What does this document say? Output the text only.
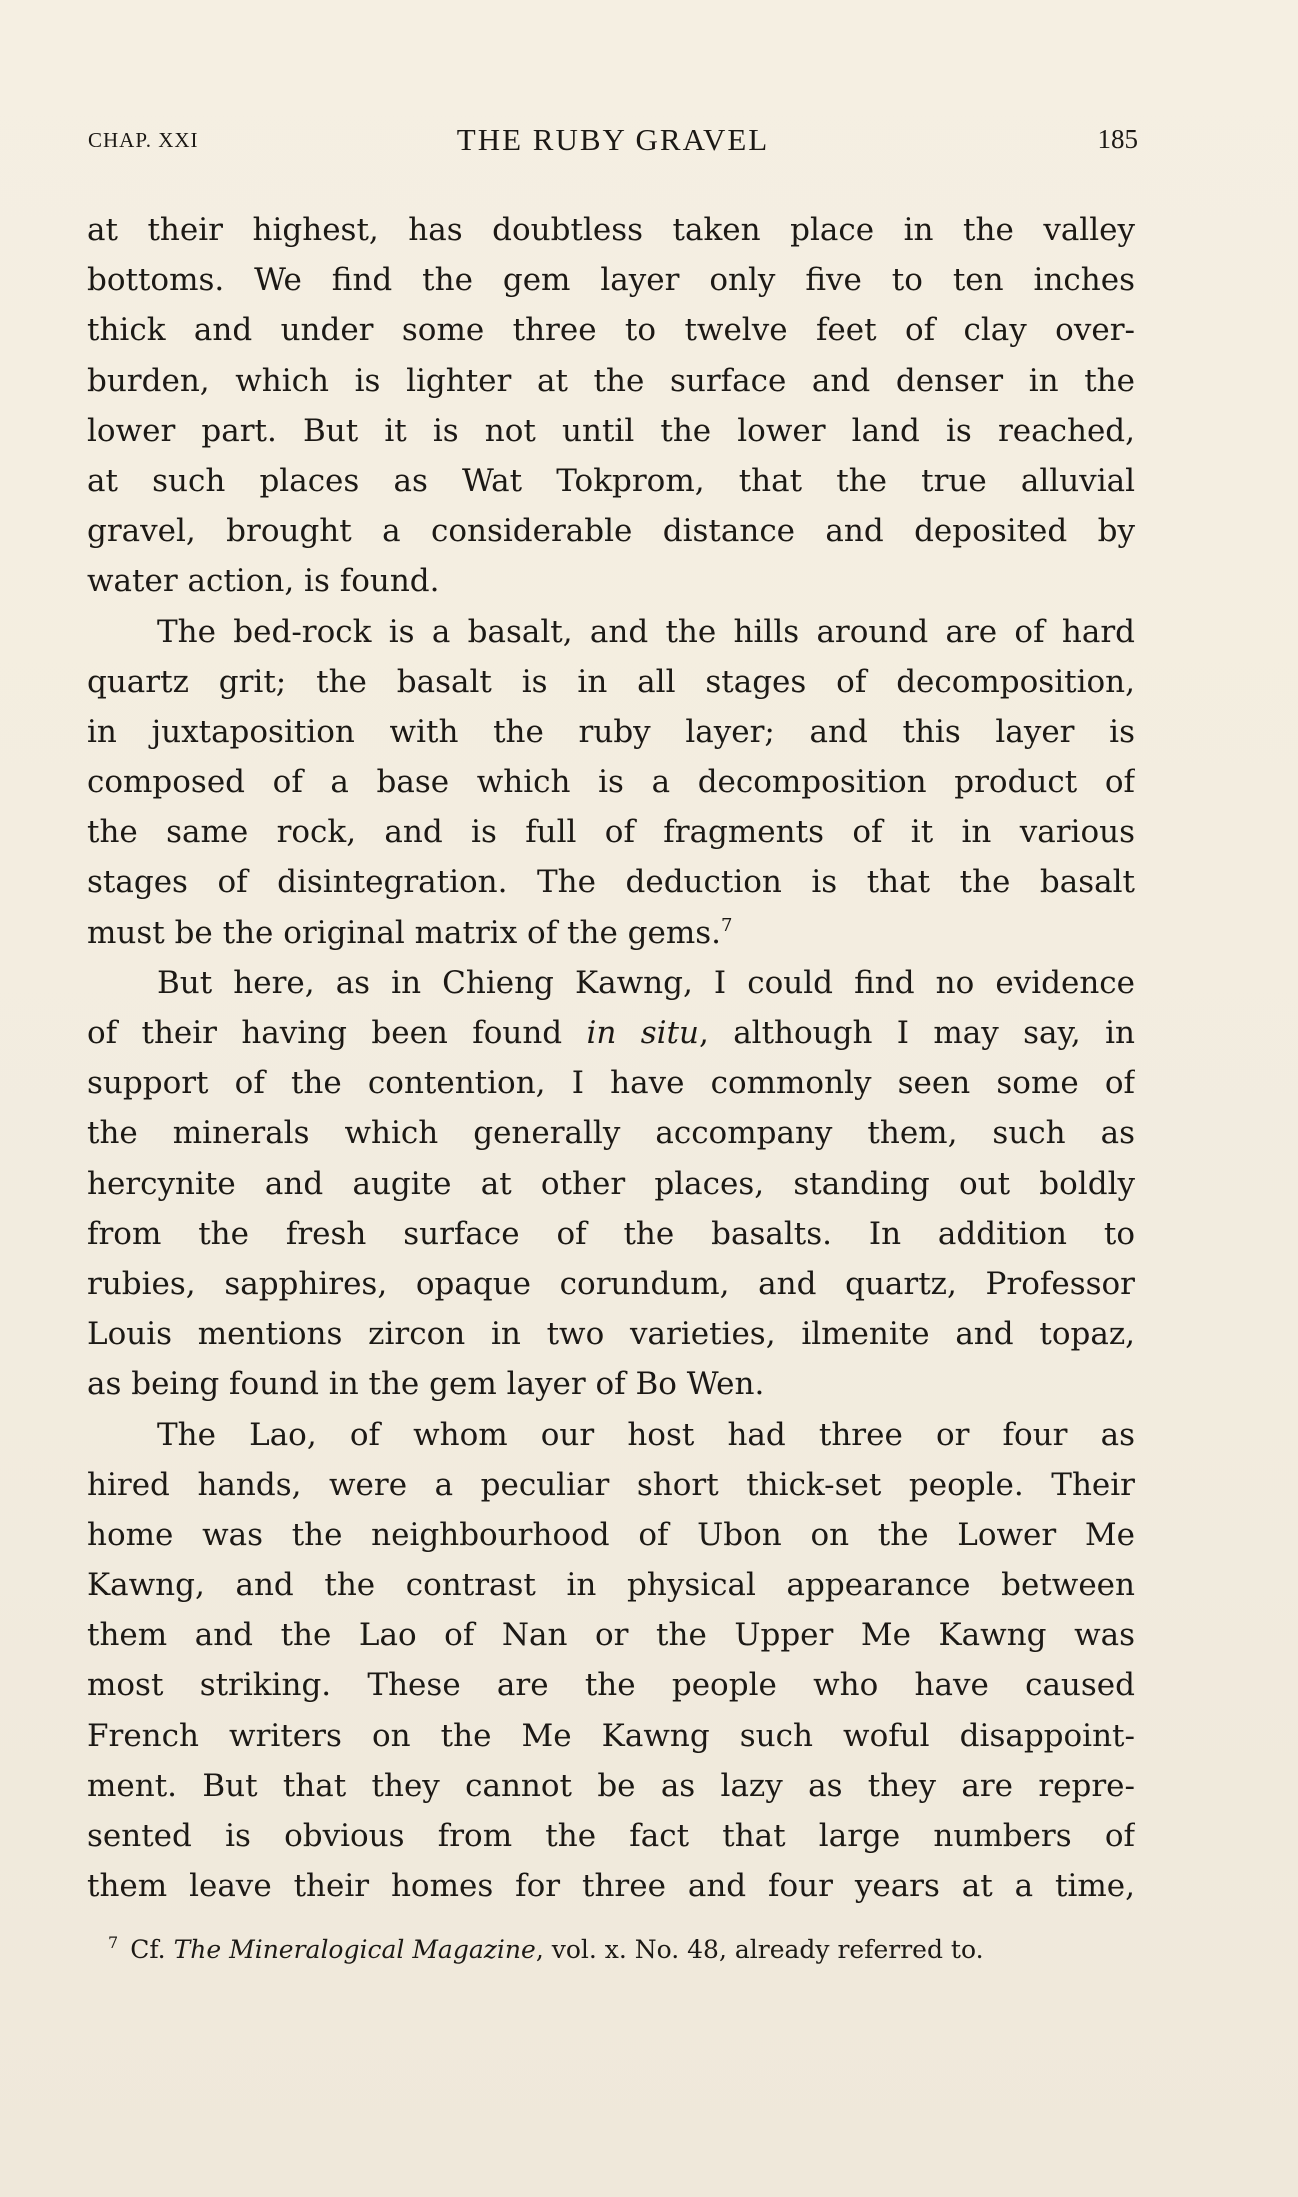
CHAP. XXI	THE RUBY GRAVEL	185
at their highest, has doubtless taken place in the valley
bottoms. We find the gem layer only five to ten inches
thick and under some three to twelve feet of clay over-
burden, which is lighter at the surface and denser in the
lower part. But it is not until the lower land is reached,
at such places as Wat Tokprom, that the true alluvial
gravel, brought a considerable distance and deposited by
water action, is found.
The bed-rock is a basalt, and the hills around are of hard
quartz grit; the basalt is in all stages of decomposition,
in juxtaposition with the ruby layer; and this layer is
composed of a base which is a decomposition product of
the same rock, and is full of fragments of it in various
stages of disintegration. The deduction is that the basalt
must be the original matrix of the gems.$^7$
But here, as in Chieng Kawng, I could find no evidence
of their having been found in situ, although I may say, in
support of the contention, I have commonly seen some of
the minerals which generally accompany them, such as
hercynite and augite at other places, standing out boldly
from the fresh surface of the basalts. In addition to
rubies, sapphires, opaque corundum, and quartz, Professor
Louis mentions zircon in two varieties, ilmenite and topaz,
as being found in the gem layer of Bo Wen.
The Lao, of whom our host had three or four as
hired hands, were a peculiar short thick-set people. Their
home was the neighbourhood of Ubon on the Lower Me
Kawng, and the contrast in physical appearance between
them and the Lao of Nan or the Upper Me Kawng was
most striking. These are the people who have caused
French writers on the Me Kawng such woful disappoint-
ment. But that they cannot be as lazy as they are repre-
sented is obvious from the fact that large numbers of
them leave their homes for three and four years at a time,
$^7$ Cf. The Mineralogical Magazine, vol. x. No. 48, already referred to.
